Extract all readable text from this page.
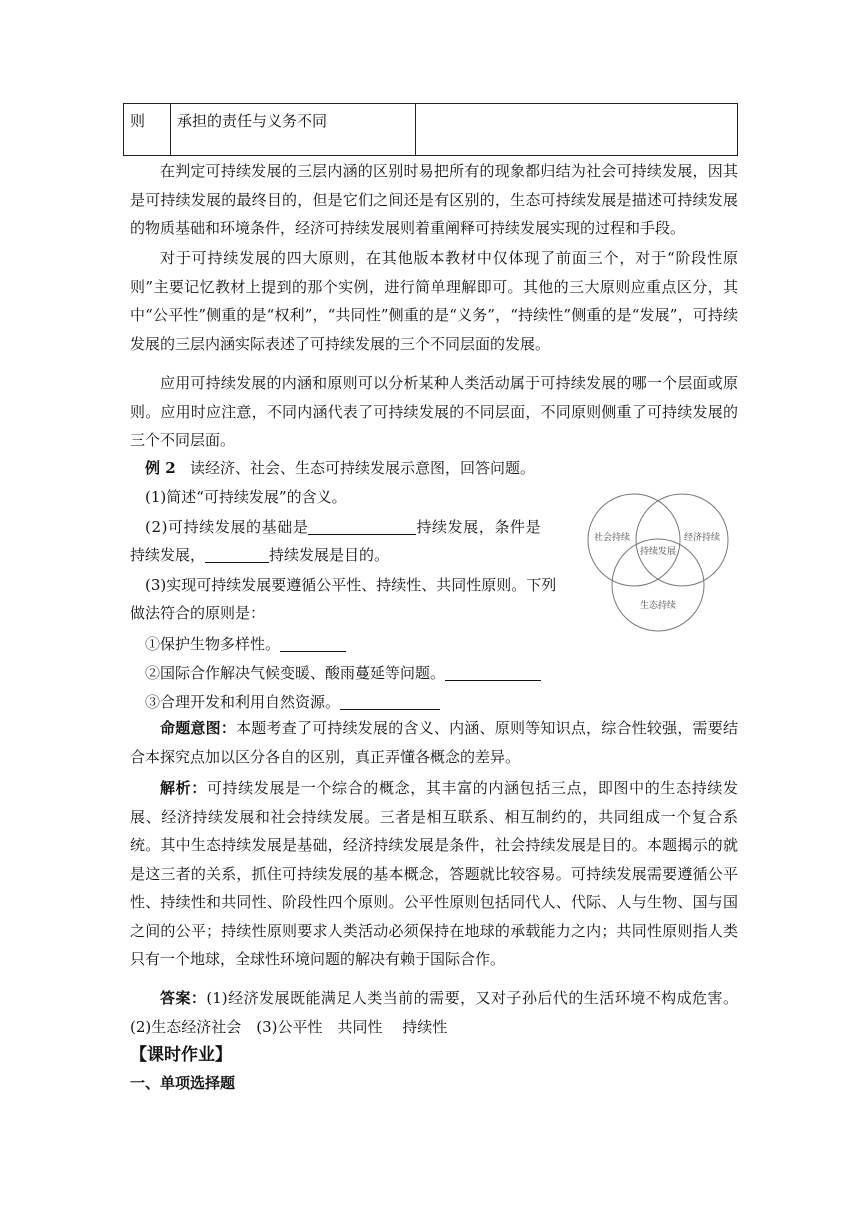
则	承担的责任与义务不同	
在判定可持续发展的三层内涵的区别时易把所有的现象都归结为社会可持续发展，因其是可持续发展的最终目的，但是它们之间还是有区别的，生态可持续发展是描述可持续发展的物质基础和环境条件，经济可持续发展则着重阐释可持续发展实现的过程和手段。
对于可持续发展的四大原则，在其他版本教材中仅体现了前面三个，对于“阶段性原则”主要记忆教材上提到的那个实例，进行简单理解即可。其他的三大原则应重点区分，其中“公平性”侧重的是“权利”，“共同性”侧重的是“义务”，“持续性”侧重的是“发展”，可持续发展的三层内涵实际表述了可持续发展的三个不同层面的发展。
应用可持续发展的内涵和原则可以分析某种人类活动属于可持续发展的哪一个层面或原则。应用时应注意，不同内涵代表了可持续发展的不同层面，不同原则侧重了可持续发展的三个不同层面。
例 2 读经济、社会、生态可持续发展示意图，回答问题。
(1)简述“可持续发展”的含义。
(2)可持续发展的基础是	持续发展，条件是
持续发展，	持续发展是目的。
(3)实现可持续发展要遵循公平性、持续性、共同性原则。下列
做法符合的原则是：
①保护生物多样性。
②国际合作解决气候变暖、酸雨蔓延等问题。
③合理开发和利用自然资源。
社会持续	经济持续
持续发展
生态持续
命题意图：本题考查了可持续发展的含义、内涵、原则等知识点，综合性较强，需要结合本探究点加以区分各自的区别，真正弄懂各概念的差异。
解析：可持续发展是一个综合的概念，其丰富的内涵包括三点，即图中的生态持续发展、经济持续发展和社会持续发展。三者是相互联系、相互制约的，共同组成一个复合系统。其中生态持续发展是基础，经济持续发展是条件，社会持续发展是目的。本题揭示的就是这三者的关系，抓住可持续发展的基本概念，答题就比较容易。可持续发展需要遵循公平性、持续性和共同性、阶段性四个原则。公平性原则包括同代人、代际、人与生物、国与国之间的公平；持续性原则要求人类活动必须保持在地球的承载能力之内；共同性原则指人类只有一个地球，全球性环境问题的解决有赖于国际合作。
答案：(1)经济发展既能满足人类当前的需要，又对子孙后代的生活环境不构成危害。 (2)生态经济社会　(3)公平性　共同性　 持续性
【课时作业】
一、单项选择题
